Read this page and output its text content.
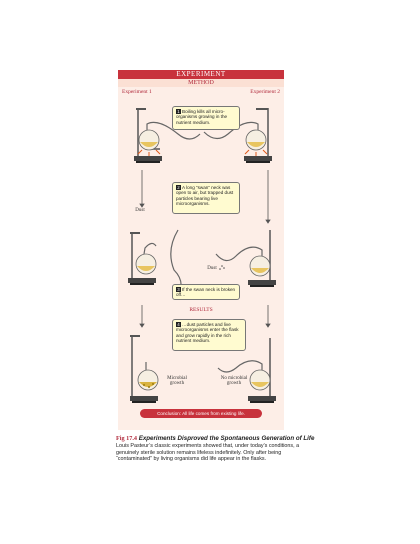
EXPERIMENT
METHOD
Experiment 1	Experiment 2
1 Boiling kills all micro-organisms growing in the nutrient medium.
2 A long “swan” neck was open to air, but trapped dust particles bearing live microorganisms.
3 If the swan neck is broken off…
4 …dust particles and live microorganisms enter the flask and grow rapidly in the rich nutrient medium.
Dust
Dust
Microbial growth
No microbial growth
RESULTS
Conclusion: All life comes from existing life.
Fig 17.4 Experiments Disproved the Spontaneous Generation of Life
Louis Pasteur’s classic experiments showed that, under today’s conditions, a genuinely sterile solution remains lifeless indefinitely. Only after being “contaminated” by living organisms did life appear in the flasks.
